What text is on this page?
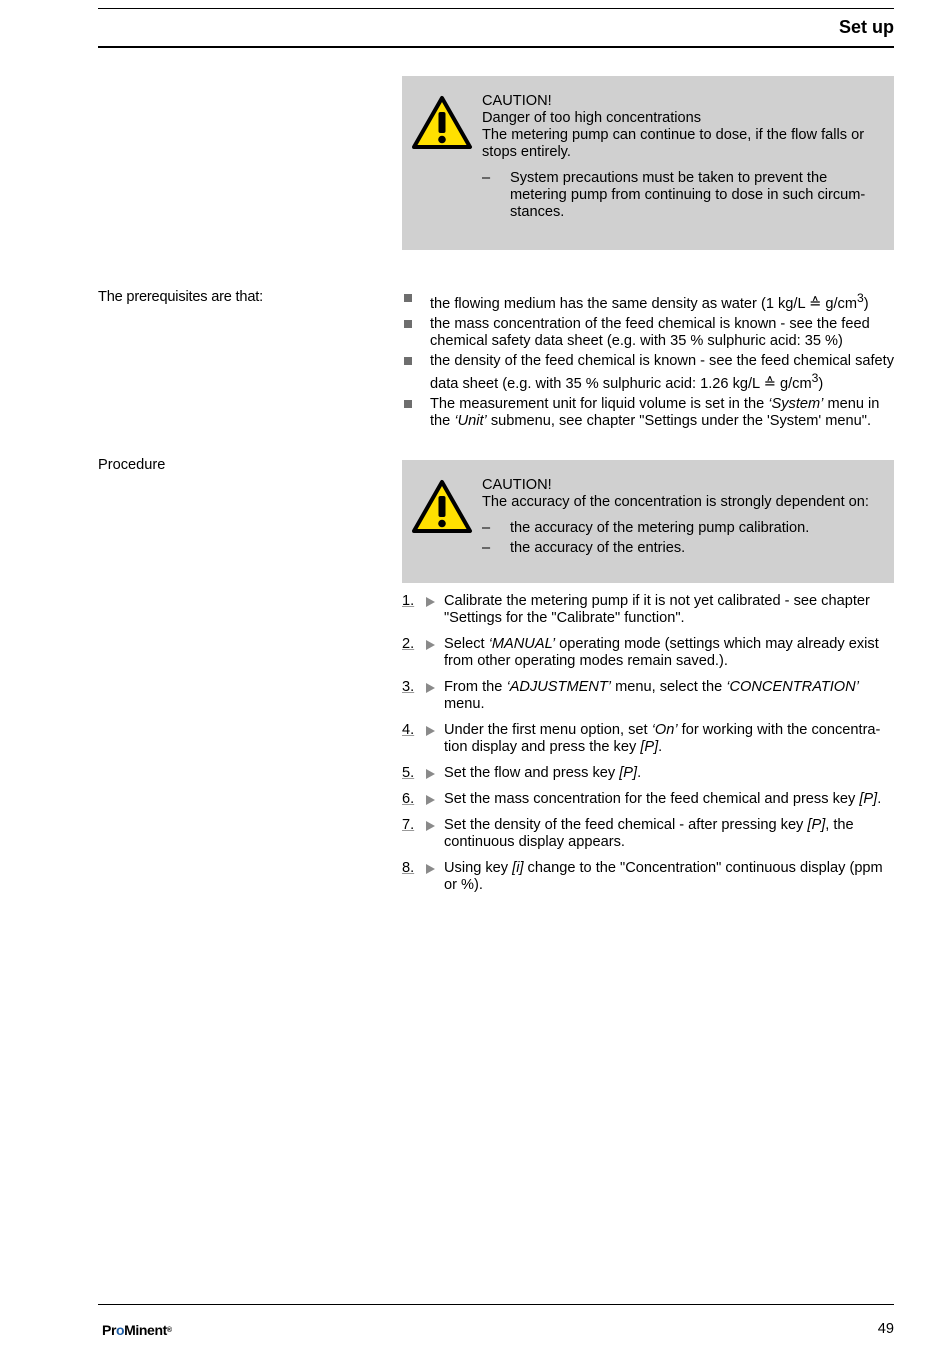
Set up

CAUTION!

Danger of too high concentrations

The metering pump can continue to dose, if the flow falls or stops entirely.

– System precautions must be taken to prevent the metering pump from continuing to dose in such circumstances.
The prerequisites are that:	the flowing medium has the same density as water (1 kg/L ≙ $g/cm^3$)
the mass concentration of the feed chemical is known - see the feed chemical safety data sheet (e.g. with 35 % sulphuric acid: 35 %)
the density of the feed chemical is known - see the feed chemical safety data sheet (e.g. with 35 % sulphuric acid: 1.26 kg/L ≙ $g/cm^3$)
The measurement unit for liquid volume is set in the ‘System’ menu in the ‘Unit’ submenu, see chapter "Settings under the 'System' menu".
Procedure

CAUTION!

The accuracy of the concentration is strongly dependent on:

– the accuracy of the metering pump calibration.
– the accuracy of the entries.
1. Calibrate the metering pump if it is not yet calibrated - see chapter "Settings for the "Calibrate" function".
2. Select ‘MANUAL’ operating mode (settings which may already exist from other operating modes remain saved.).
3. From the ‘ADJUSTMENT’ menu, select the ‘CONCENTRATION’ menu.
4. Under the first menu option, set ‘On’ for working with the concentration display and press the key [P].
5. Set the flow and press key [P].
6. Set the mass concentration for the feed chemical and press key [P].
7. Set the density of the feed chemical - after pressing key [P], the continuous display appears.
8. Using key [i] change to the "Concentration" continuous display (ppm or %).
ProMinent®	49
